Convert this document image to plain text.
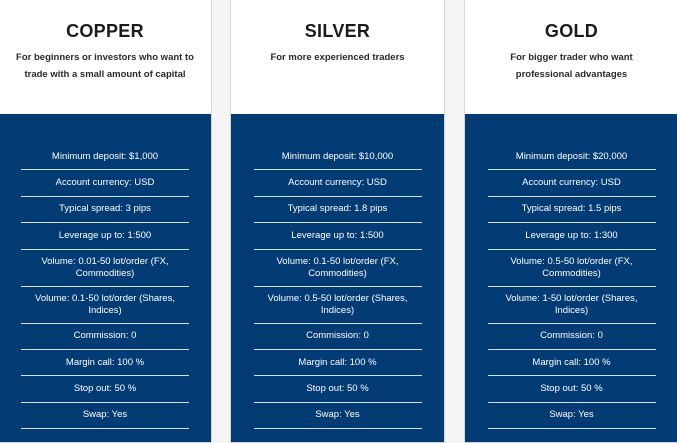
COPPER
For beginners or investors who want to trade with a small amount of capital
Minimum deposit: $1,000
Account currency: USD
Typical spread: 3 pips
Leverage up to: 1:500
Volume: 0.01-50 lot/order (FX, Commodities)
Volume: 0.1-50 lot/order (Shares, Indices)
Commission: 0
Margin call: 100 %
Stop out: 50 %
Swap: Yes
SILVER
For more experienced traders
Minimum deposit: $10,000
Account currency: USD
Typical spread: 1.8 pips
Leverage up to: 1:500
Volume: 0.1-50 lot/order (FX, Commodities)
Volume: 0.5-50 lot/order (Shares, Indices)
Commission: 0
Margin call: 100 %
Stop out: 50 %
Swap: Yes
GOLD
For bigger trader who want professional advantages
Minimum deposit: $20,000
Account currency: USD
Typical spread: 1.5 pips
Leverage up to: 1:300
Volume: 0.5-50 lot/order (FX, Commodities)
Volume: 1-50 lot/order (Shares, Indices)
Commission: 0
Margin call: 100 %
Stop out: 50 %
Swap: Yes
